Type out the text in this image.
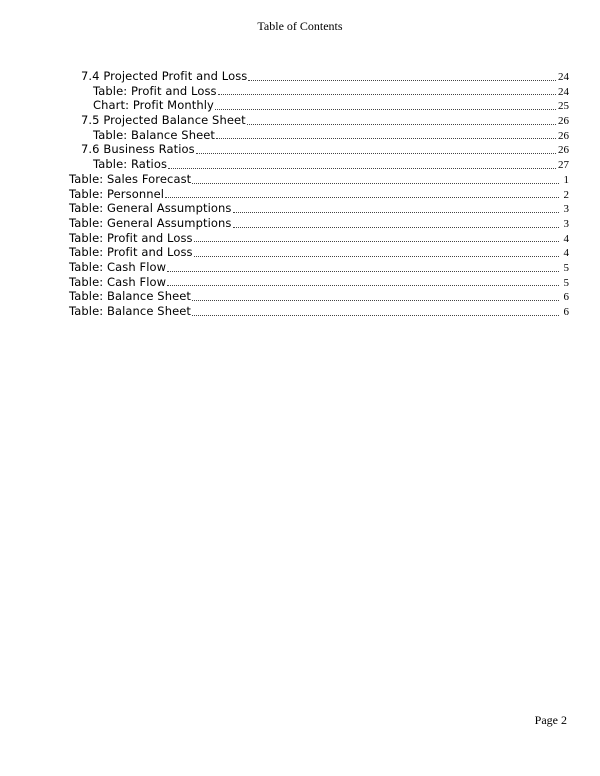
Table of Contents
7.4 Projected Profit and Loss	24
Table: Profit and Loss	24
Chart: Profit Monthly	25
7.5 Projected Balance Sheet	26
Table: Balance Sheet	26
7.6 Business Ratios	26
Table: Ratios	27
Table: Sales Forecast	1
Table: Personnel	2
Table: General Assumptions	3
Table: General Assumptions	3
Table: Profit and Loss	4
Table: Profit and Loss	4
Table: Cash Flow	5
Table: Cash Flow	5
Table: Balance Sheet	6
Table: Balance Sheet	6
Page 2
